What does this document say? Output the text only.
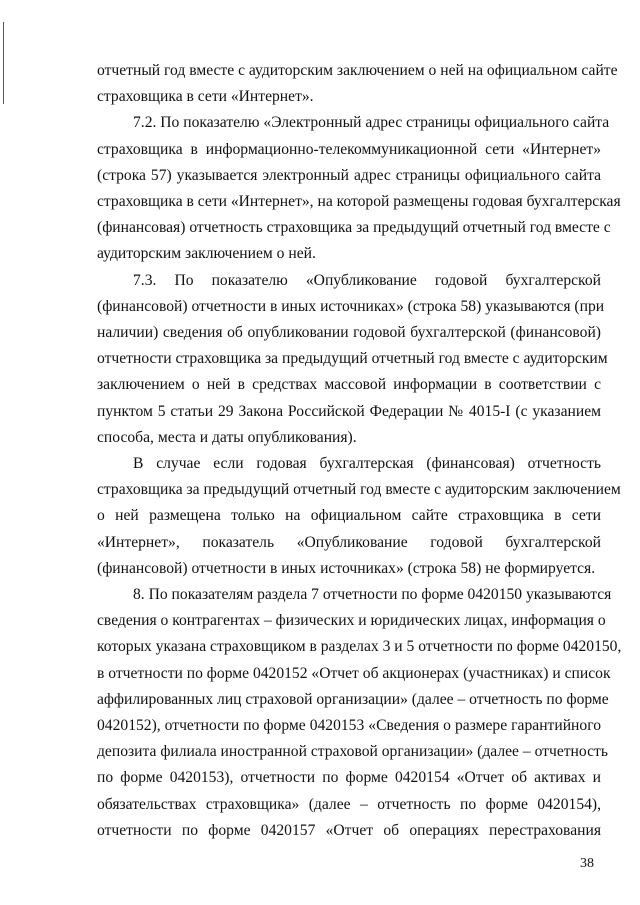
отчетный год вместе с аудиторским заключением о ней на официальном сайте
страховщика в сети «Интернет».

7.2. По показателю «Электронный адрес страницы официального сайта
страховщика в информационно-телекоммуникационной сети «Интернет»
(строка 57) указывается электронный адрес страницы официального сайта
страховщика в сети «Интернет», на которой размещены годовая бухгалтерская
(финансовая) отчетность страховщика за предыдущий отчетный год вместе с
аудиторским заключением о ней.

7.3. По показателю «Опубликование годовой бухгалтерской
(финансовой) отчетности в иных источниках» (строка 58) указываются (при
наличии) сведения об опубликовании годовой бухгалтерской (финансовой)
отчетности страховщика за предыдущий отчетный год вместе с аудиторским
заключением о ней в средствах массовой информации в соответствии с
пунктом 5 статьи 29 Закона Российской Федерации № 4015-I (с указанием
способа, места и даты опубликования).

В случае если годовая бухгалтерская (финансовая) отчетность
страховщика за предыдущий отчетный год вместе с аудиторским заключением
о ней размещена только на официальном сайте страховщика в сети
«Интернет», показатель «Опубликование годовой бухгалтерской
(финансовой) отчетности в иных источниках» (строка 58) не формируется.

8. По показателям раздела 7 отчетности по форме 0420150 указываются
сведения о контрагентах – физических и юридических лицах, информация о
которых указана страховщиком в разделах 3 и 5 отчетности по форме 0420150,
в отчетности по форме 0420152 «Отчет об акционерах (участниках) и список
аффилированных лиц страховой организации» (далее – отчетность по форме
0420152), отчетности по форме 0420153 «Сведения о размере гарантийного
депозита филиала иностранной страховой организации» (далее – отчетность
по форме 0420153), отчетности по форме 0420154 «Отчет об активах и
обязательствах страховщика» (далее – отчетность по форме 0420154),
отчетности по форме 0420157 «Отчет об операциях перестрахования

38
